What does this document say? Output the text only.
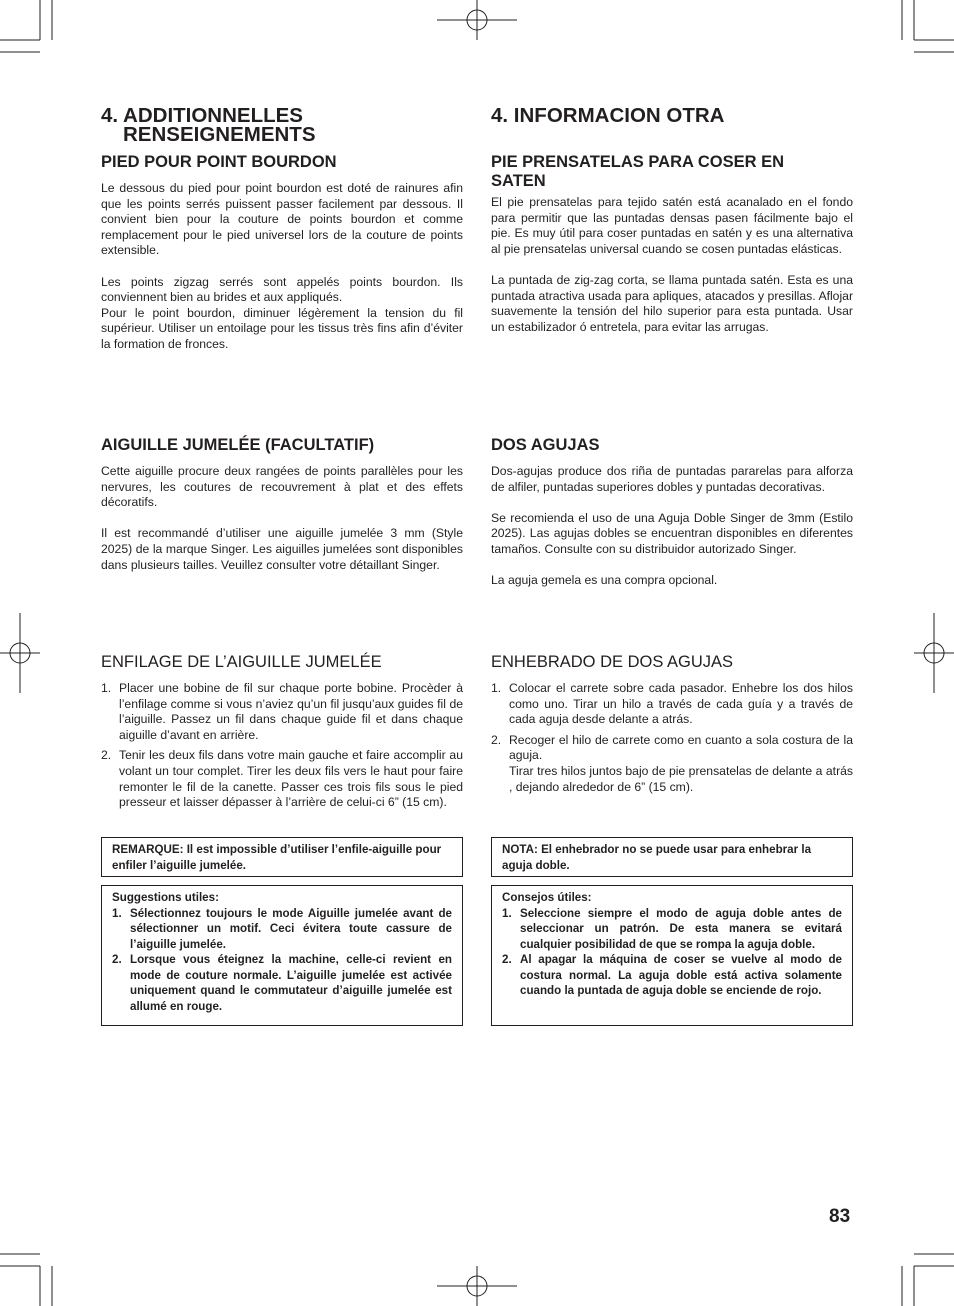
4. ADDITIONNELLES
RENSEIGNEMENTS
PIED POUR POINT BOURDON
Le dessous du pied pour point bourdon est doté de rainures afin que les points serrés puissent passer facilement par dessous. Il convient bien pour la couture de points bourdon et comme remplacement pour le pied universel lors de la couture de points extensible.
Les points zigzag serrés sont appelés points bourdon. Ils conviennent bien au brides et aux appliqués.
Pour le point bourdon, diminuer légèrement la tension du fil supérieur. Utiliser un entoilage pour les tissus très fins afin d’éviter la formation de fronces.
AIGUILLE JUMELÉE (FACULTATIF)
Cette aiguille procure deux rangées de points parallèles pour les nervures, les coutures de recouvrement à plat et des effets décoratifs.
Il est recommandé d’utiliser une aiguille jumelée 3 mm (Style 2025) de la marque Singer. Les aiguilles jumelées sont disponibles dans plusieurs tailles. Veuillez consulter votre détaillant Singer.
ENFILAGE DE L’AIGUILLE JUMELÉE
1. Placer une bobine de fil sur chaque porte bobine. Procèder à l’enfilage comme si vous n’aviez qu’un fil jusqu’aux guides fil de l’aiguille. Passez un fil dans chaque guide fil et dans chaque aiguille d’avant en arrière.
2. Tenir les deux fils dans votre main gauche et faire accomplir au volant un tour complet. Tirer les deux fils vers le haut pour faire remonter le fil de la canette. Passer ces trois fils sous le pied presseur et laisser dépasser à l’arrière de celui-ci 6” (15 cm).
REMARQUE: Il est impossible d’utiliser l’enfile-aiguille pour enfiler l’aiguille jumelée.
Suggestions utiles:
1. Sélectionnez toujours le mode Aiguille jumelée avant de sélectionner un motif. Ceci évitera toute cassure de l’aiguille jumelée.
2. Lorsque vous éteignez la machine, celle-ci revient en mode de couture normale. L’aiguille jumelée est activée uniquement quand le commutateur d’aiguille jumelée est allumé en rouge.
4. INFORMACION OTRA
PIE PRENSATELAS PARA COSER EN
SATEN
El pie prensatelas para tejido satén está acanalado en el fondo para permitir que las puntadas densas pasen fácilmente bajo el pie. Es muy útil para coser puntadas en satén y es una alternativa al pie prensatelas universal cuando se cosen puntadas elásticas.
La puntada de zig-zag corta, se llama puntada satén. Esta es una puntada atractiva usada para apliques, atacados y presillas. Aflojar suavemente la tensión del hilo superior para esta puntada. Usar un estabilizador ó entretela, para evitar las arrugas.
DOS AGUJAS
Dos-agujas produce dos riña de puntadas pararelas para alforza de alfiler, puntadas superiores dobles y puntadas decorativas.
Se recomienda el uso de una Aguja Doble Singer de 3mm (Estilo 2025). Las agujas dobles se encuentran disponibles en diferentes tamaños. Consulte con su distribuidor autorizado Singer.
La aguja gemela es una compra opcional.
ENHEBRADO DE DOS AGUJAS
1. Colocar el carrete sobre cada pasador. Enhebre los dos hilos como uno. Tirar un hilo a través de cada guía y a través de cada aguja desde delante a atrás.
2. Recoger el hilo de carrete como en cuanto a sola costura de la aguja.
Tirar tres hilos juntos bajo de pie prensatelas de delante a atrás , dejando alrededor de 6” (15 cm).
NOTA: El enhebrador no se puede usar para enhebrar la aguja doble.
Consejos útiles:
1. Seleccione siempre el modo de aguja doble antes de seleccionar un patrón. De esta manera se evitará cualquier posibilidad de que se rompa la aguja doble.
2. Al apagar la máquina de coser se vuelve al modo de costura normal. La aguja doble está activa solamente cuando la puntada de aguja doble se enciende de rojo.
83
